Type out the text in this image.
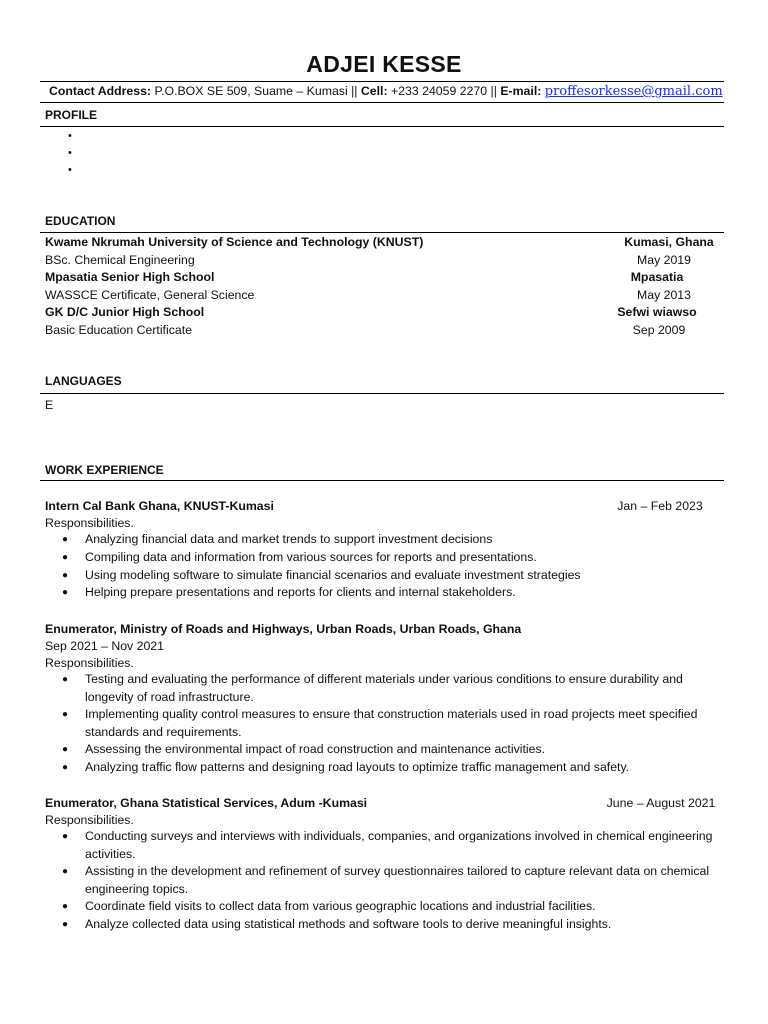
ADJEI KESSE
Contact Address: P.O.BOX SE 509, Suame – Kumasi || Cell: +233 24059 2270 || E-mail: proffesorkesse@gmail.com
PROFILE
•
•
•
EDUCATION
Kwame Nkrumah University of Science and Technology (KNUST)	Kumasi, Ghana
BSc. Chemical Engineering	May 2019
Mpasatia Senior High School	Mpasatia
WASSCE Certificate, General Science	May 2013
GK D/C Junior High School	Sefwi wiawso
Basic Education Certificate	Sep 2009
LANGUAGES
E
WORK EXPERIENCE
Intern Cal Bank Ghana, KNUST-Kumasi	Jan – Feb 2023
Responsibilities.
● Analyzing financial data and market trends to support investment decisions
● Compiling data and information from various sources for reports and presentations.
● Using modeling software to simulate financial scenarios and evaluate investment strategies
● Helping prepare presentations and reports for clients and internal stakeholders.
Enumerator, Ministry of Roads and Highways, Urban Roads, Urban Roads, Ghana
Sep 2021 – Nov 2021
Responsibilities.
● Testing and evaluating the performance of different materials under various conditions to ensure durability and longevity of road infrastructure.
● Implementing quality control measures to ensure that construction materials used in road projects meet specified standards and requirements.
● Assessing the environmental impact of road construction and maintenance activities.
● Analyzing traffic flow patterns and designing road layouts to optimize traffic management and safety.
Enumerator, Ghana Statistical Services, Adum -Kumasi	June – August 2021
Responsibilities.
● Conducting surveys and interviews with individuals, companies, and organizations involved in chemical engineering activities.
● Assisting in the development and refinement of survey questionnaires tailored to capture relevant data on chemical engineering topics.
● Coordinate field visits to collect data from various geographic locations and industrial facilities.
● Analyze collected data using statistical methods and software tools to derive meaningful insights.
